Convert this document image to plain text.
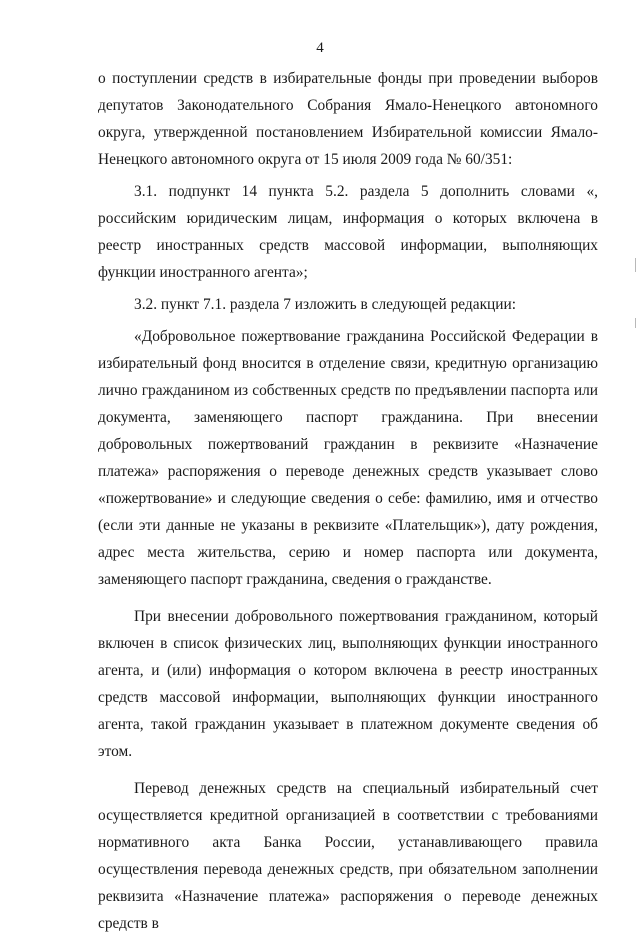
4

о поступлении средств в избирательные фонды при проведении выборов депутатов Законодательного Собрания Ямало-Ненецкого автономного округа, утвержденной постановлением Избирательной комиссии Ямало-Ненецкого автономного округа от 15 июля 2009 года № 60/351:

3.1. подпункт 14 пункта 5.2. раздела 5 дополнить словами «, российским юридическим лицам, информация о которых включена в реестр иностранных средств массовой информации, выполняющих функции иностранного агента»;

3.2. пункт 7.1. раздела 7 изложить в следующей редакции:

«Добровольное пожертвование гражданина Российской Федерации в избирательный фонд вносится в отделение связи, кредитную организацию лично гражданином из собственных средств по предъявлении паспорта или документа, заменяющего паспорт гражданина. При внесении добровольных пожертвований гражданин в реквизите «Назначение платежа» распоряжения о переводе денежных средств указывает слово «пожертвование» и следующие сведения о себе: фамилию, имя и отчество (если эти данные не указаны в реквизите «Плательщик»), дату рождения, адрес места жительства, серию и номер паспорта или документа, заменяющего паспорт гражданина, сведения о гражданстве.

При внесении добровольного пожертвования гражданином, который включен в список физических лиц, выполняющих функции иностранного агента, и (или) информация о котором включена в реестр иностранных средств массовой информации, выполняющих функции иностранного агента, такой гражданин указывает в платежном документе сведения об этом.

Перевод денежных средств на специальный избирательный счет осуществляется кредитной организацией в соответствии с требованиями нормативного акта Банка России, устанавливающего правила осуществления перевода денежных средств, при обязательном заполнении реквизита «Назначение платежа» распоряжения о переводе денежных средств в
